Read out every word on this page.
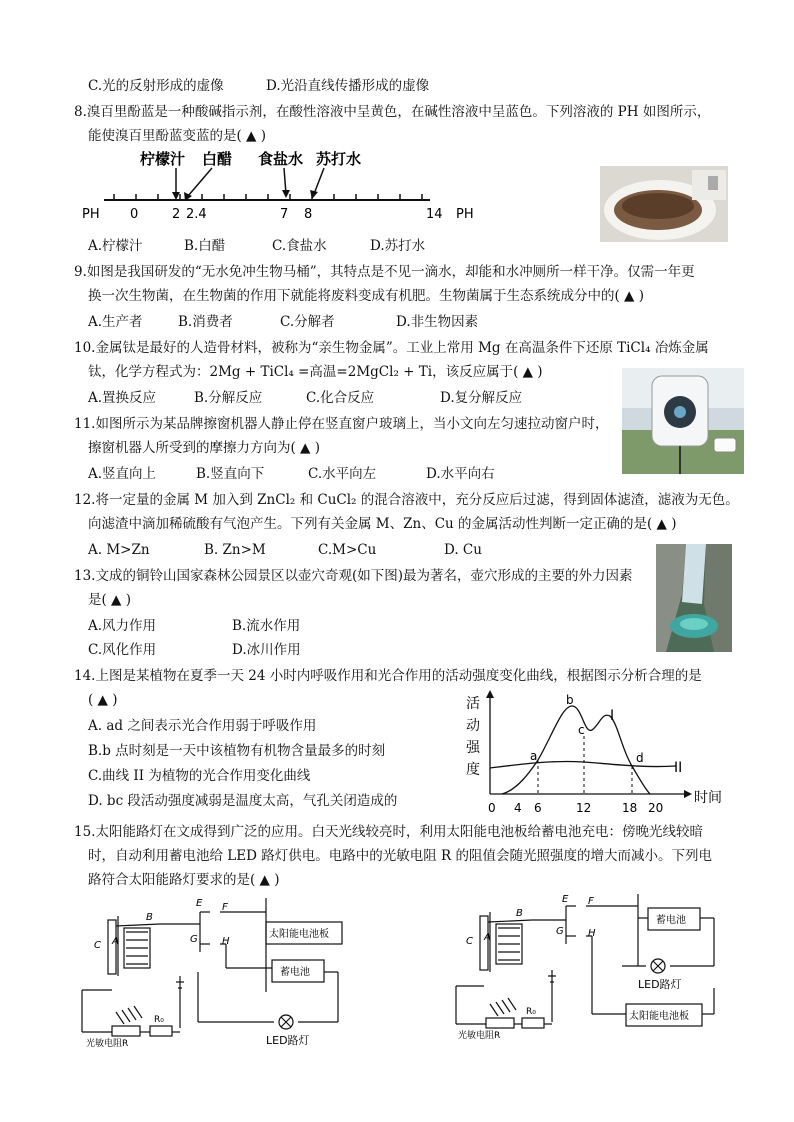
C.光的反射形成的虚像	D.光沿直线传播形成的虚像
8.溴百里酚蓝是一种酸碱指示剂，在酸性溶液中呈黄色，在碱性溶液中呈蓝色。下列溶液的 PH 如图所示，
能使溴百里酚蓝变蓝的是( ▲ )
柠檬汁 白醋 食盐水 苏打水
PH 0	2 2.4	7 8	14 PH
A.柠檬汁	B.白醋	C.食盐水	D.苏打水
9.如图是我国研发的“无水免冲生物马桶”，其特点是不见一滴水，却能和水冲厕所一样干净。仅需一年更
换一次生物菌，在生物菌的作用下就能将废料变成有机肥。生物菌属于生态系统成分中的( ▲ )
A.生产者	B.消费者	C.分解者	D.非生物因素
10.金属钛是最好的人造骨材料，被称为“亲生物金属”。工业上常用 Mg 在高温条件下还原 TiCl₄ 冶炼金属
钛，化学方程式为：2Mg + TiCl₄ =高温=2MgCl₂ + Ti，该反应属于( ▲ )
A.置换反应	B.分解反应	C.化合反应	D.复分解反应
11.如图所示为某品牌擦窗机器人静止停在竖直窗户玻璃上，当小文向左匀速拉动窗户时，
擦窗机器人所受到的摩擦力方向为( ▲ )
A.竖直向上	B.竖直向下	C.水平向左	D.水平向右
12.将一定量的金属 M 加入到 ZnCl₂ 和 CuCl₂ 的混合溶液中，充分反应后过滤，得到固体滤渣，滤液为无色。
向滤渣中滴加稀硫酸有气泡产生。下列有关金属 M、Zn、Cu 的金属活动性判断一定正确的是( ▲ )
A. M>Zn	B. Zn>M	C.M>Cu	D. Cu
13.文成的铜铃山国家森林公园景区以壶穴奇观(如下图)最为著名，壶穴形成的主要的外力因素
是( ▲ )
A.风力作用	B.流水作用
C.风化作用	D.冰川作用
14.上图是某植物在夏季一天 24 小时内呼吸作用和光合作用的活动强度变化曲线，根据图示分析合理的是
( ▲ )
A. ad 之间表示光合作用弱于呼吸作用
B.b 点时刻是一天中该植物有机物含量最多的时刻
C.曲线 II 为植物的光合作用变化曲线
D. bc 段活动强度减弱是温度太高，气孔关闭造成的
活
动
强
度
时间
a
b
c
d
I
II
0 4 6	12	18 20
15.太阳能路灯在文成得到广泛的应用。白天光线较亮时，利用太阳能电池板给蓄电池充电：傍晚光线较暗
时，自动利用蓄电池给 LED 路灯供电。电路中的光敏电阻 R 的阻值会随光照强度的增大而减小。下列电
路符合太阳能路灯要求的是( ▲ )
B
C A
E F
G H
太阳能电池板
蓄电池
光敏电阻R
R₀
LED路灯
B
C A
E F
G H
蓄电池
LED路灯
太阳能电池板
光敏电阻R
R₀
